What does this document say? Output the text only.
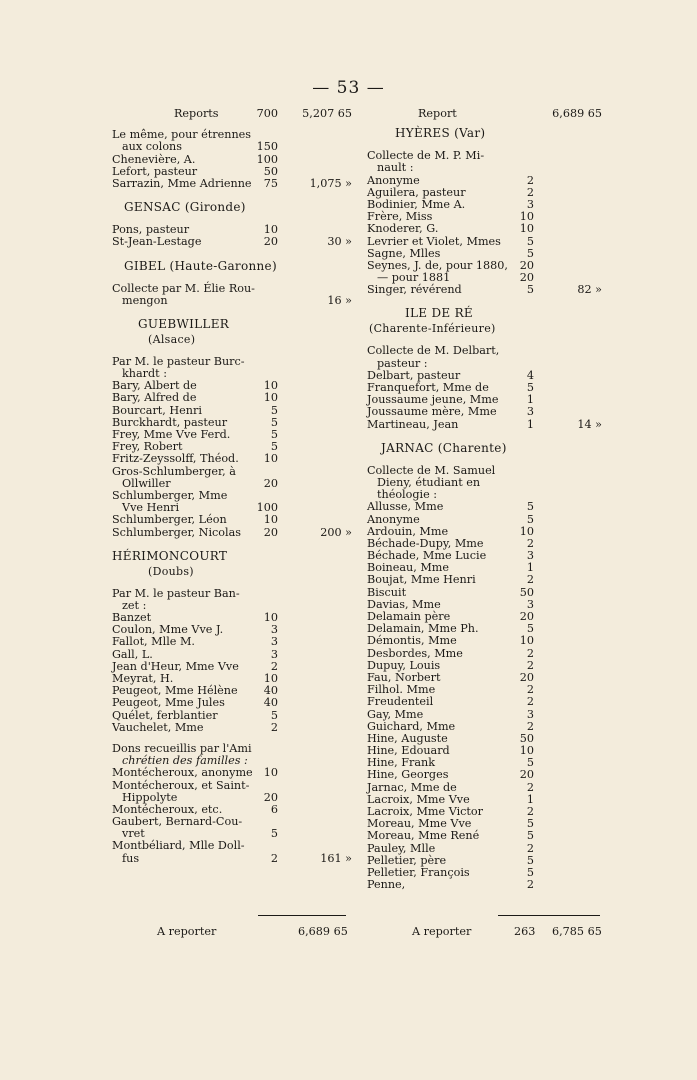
— 53 —
Reports	700 5,207 65
Le même, pour étrennes
aux colons	150
Chenevière, A.	100
Lefort, pasteur	50
Sarrazin, Mme Adrienne 75	1,075 »
GENSAC (Gironde)
Pons, pasteur	10
St-Jean-Lestage	20	30 »
GIBEL (Haute-Garonne)
Collecte par M. Élie Rou-
mengon	16 »
GUEBWILLER
(Alsace)
Par M. le pasteur Burc-
khardt :
Bary, Albert de	10
Bary, Alfred de	10
Bourcart, Henri	5
Burckhardt, pasteur	5
Frey, Mme Vve Ferd.	5
Frey, Robert	5
Fritz-Zeyssolff, Théod. 10
Gros-Schlumberger, à
Ollwiller	20
Schlumberger, Mme
Vve Henri	100
Schlumberger, Léon	10
Schlumberger, Nicolas 20	200 »
HÉRIMONCOURT
(Doubs)
Par M. le pasteur Ban-
zet :
Banzet	10
Coulon, Mme Vve J.	3
Fallot, Mlle M.	3
Gall, L.	3
Jean d'Heur, Mme Vve	2
Meyrat, H.	10
Peugeot, Mme Hélène 40
Peugeot, Mme Jules	40
Quélet, ferblantier	5
Vauchelet, Mme	2
Dons recueillis par l'Ami
chrétien des familles :
Montécheroux, anonyme 10
Montécheroux, et Saint-
Hippolyte	20
Montécheroux, etc.	6
Gaubert, Bernard-Cou-
vret	5
Montbéliard, Mlle Doll-
fus	2	161 »
Report	6,689 65
HYÈRES (Var)
Collecte de M. P. Mi-
nault :
Anonyme	2
Aguilera, pasteur	2
Bodinier, Mme A.	3
Frère, Miss	10
Knoderer, G.	10
Levrier et Violet, Mmes 5
Sagne, Mlles	5
Seynes, J. de, pour 1880, 20
— pour 1881	20
Singer, révérend	5	82 »
ILE DE RÉ
(Charente-Inférieure)
Collecte de M. Delbart,
pasteur :
Delbart, pasteur	4
Franquefort, Mme de	5
Joussaume jeune, Mme	1
Joussaume mère, Mme	3
Martineau, Jean	1	14 »
JARNAC (Charente)
Collecte de M. Samuel
Dieny, étudiant en
théologie :
Allusse, Mme	5
Anonyme	5
Ardouin, Mme	10
Béchade-Dupy, Mme	2
Béchade, Mme Lucie	3
Boineau, Mme	1
Boujat, Mme Henri	2
Biscuit	50
Davias, Mme	3
Delamain père	20
Delamain, Mme Ph.	5
Démontis, Mme	10
Desbordes, Mme	2
Dupuy, Louis	2
Fau, Norbert	20
Filhol. Mme	2
Freudenteil	2
Gay, Mme	3
Guichard, Mme	2
Hine, Auguste	50
Hine, Edouard	10
Hine, Frank	5
Hine, Georges	20
Jarnac, Mme de	2
Lacroix, Mme Vve	1
Lacroix, Mme Victor	2
Moreau, Mme Vve	5
Moreau, Mme René	5
Pauley, Mlle	2
Pelletier, père	5
Pelletier, François	5
Penne,	2
A reporter	6,689 65	A reporter	263 6,785 65
